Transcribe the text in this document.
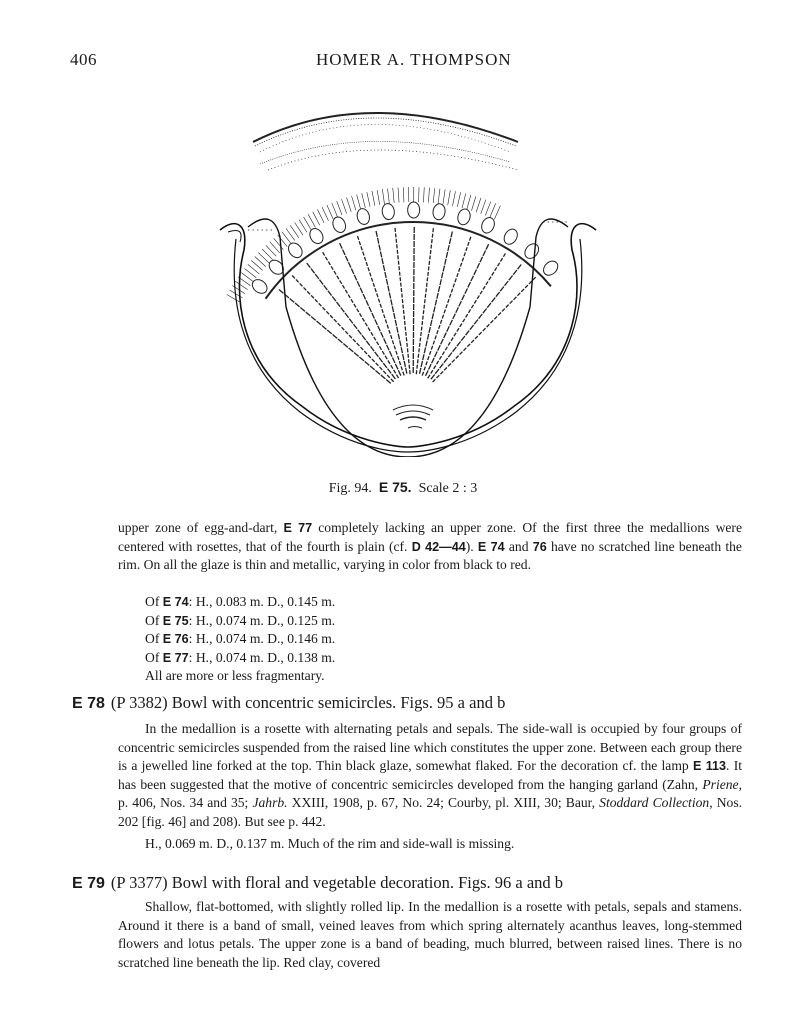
406	HOMER A. THOMPSON
Fig. 94. E 75. Scale 2 : 3

upper zone of egg-and-dart, E 77 completely lacking an upper zone. Of the first three the medallions were centered with rosettes, that of the fourth is plain (cf. D 42—44). E 74 and 76 have no scratched line beneath the rim. On all the glaze is thin and metallic, varying in color from black to red.

Of E 74: H., 0.083 m. D., 0.145 m.
Of E 75: H., 0.074 m. D., 0.125 m.
Of E 76: H., 0.074 m. D., 0.146 m.
Of E 77: H., 0.074 m. D., 0.138 m.
All are more or less fragmentary.
E 78 (P 3382) Bowl with concentric semicircles. Figs. 95 a and b

In the medallion is a rosette with alternating petals and sepals. The side-wall is occupied by four groups of concentric semicircles suspended from the raised line which constitutes the upper zone. Between each group there is a jewelled line forked at the top. Thin black glaze, somewhat flaked. For the decoration cf. the lamp E 113. It has been suggested that the motive of concentric semicircles developed from the hanging garland (Zahn, Priene, p. 406, Nos. 34 and 35; Jahrb. XXIII, 1908, p. 67, No. 24; Courby, pl. XIII, 30; Baur, Stoddard Collection, Nos. 202 [fig. 46] and 208). But see p. 442.

H., 0.069 m. D., 0.137 m. Much of the rim and side-wall is missing.

E 79 (P 3377) Bowl with floral and vegetable decoration. Figs. 96 a and b

Shallow, flat-bottomed, with slightly rolled lip. In the medallion is a rosette with petals, sepals and stamens. Around it there is a band of small, veined leaves from which spring alternately acanthus leaves, long-stemmed flowers and lotus petals. The upper zone is a band of beading, much blurred, between raised lines. There is no scratched line beneath the lip. Red clay, covered
